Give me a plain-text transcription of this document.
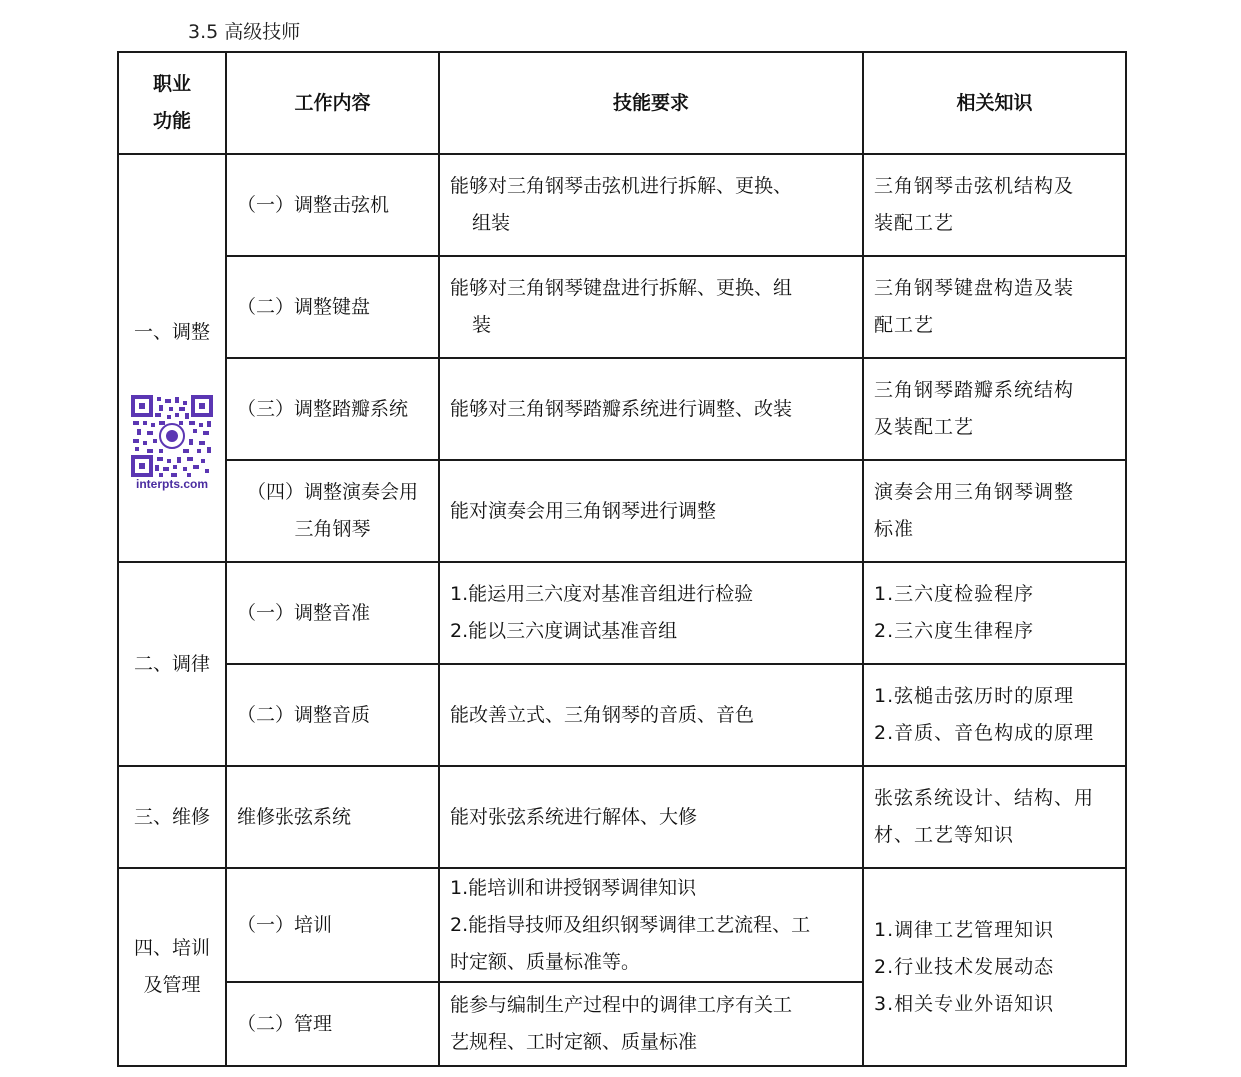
3.5 高级技师
职业
功能	工作内容	技能要求	相关知识

一、调整
interpts.com	（一）调整击弦机	能够对三角钢琴击弦机进行拆解、更换、
组装	三角钢琴击弦机结构及
装配工艺

	（二）调整键盘	能够对三角钢琴键盘进行拆解、更换、组
装	三角钢琴键盘构造及装
配工艺

	（三）调整踏瓣系统	能够对三角钢琴踏瓣系统进行调整、改装	三角钢琴踏瓣系统结构
及装配工艺

	（四）调整演奏会用
三角钢琴	能对演奏会用三角钢琴进行调整	演奏会用三角钢琴调整
标准

二、调律	（一）调整音准	1.能运用三六度对基准音组进行检验
2.能以三六度调试基准音组	1.三六度检验程序
2.三六度生律程序

	（二）调整音质	能改善立式、三角钢琴的音质、音色	1.弦槌击弦历时的原理
2.音质、音色构成的原理

三、维修	维修张弦系统	能对张弦系统进行解体、大修	张弦系统设计、结构、用
材、工艺等知识

四、培训
及管理	（一）培训	1.能培训和讲授钢琴调律知识
2.能指导技师及组织钢琴调律工艺流程、工
时定额、质量标准等。	1.调律工艺管理知识
2.行业技术发展动态
3.相关专业外语知识

	（二）管理	能参与编制生产过程中的调律工序有关工
艺规程、工时定额、质量标准	
